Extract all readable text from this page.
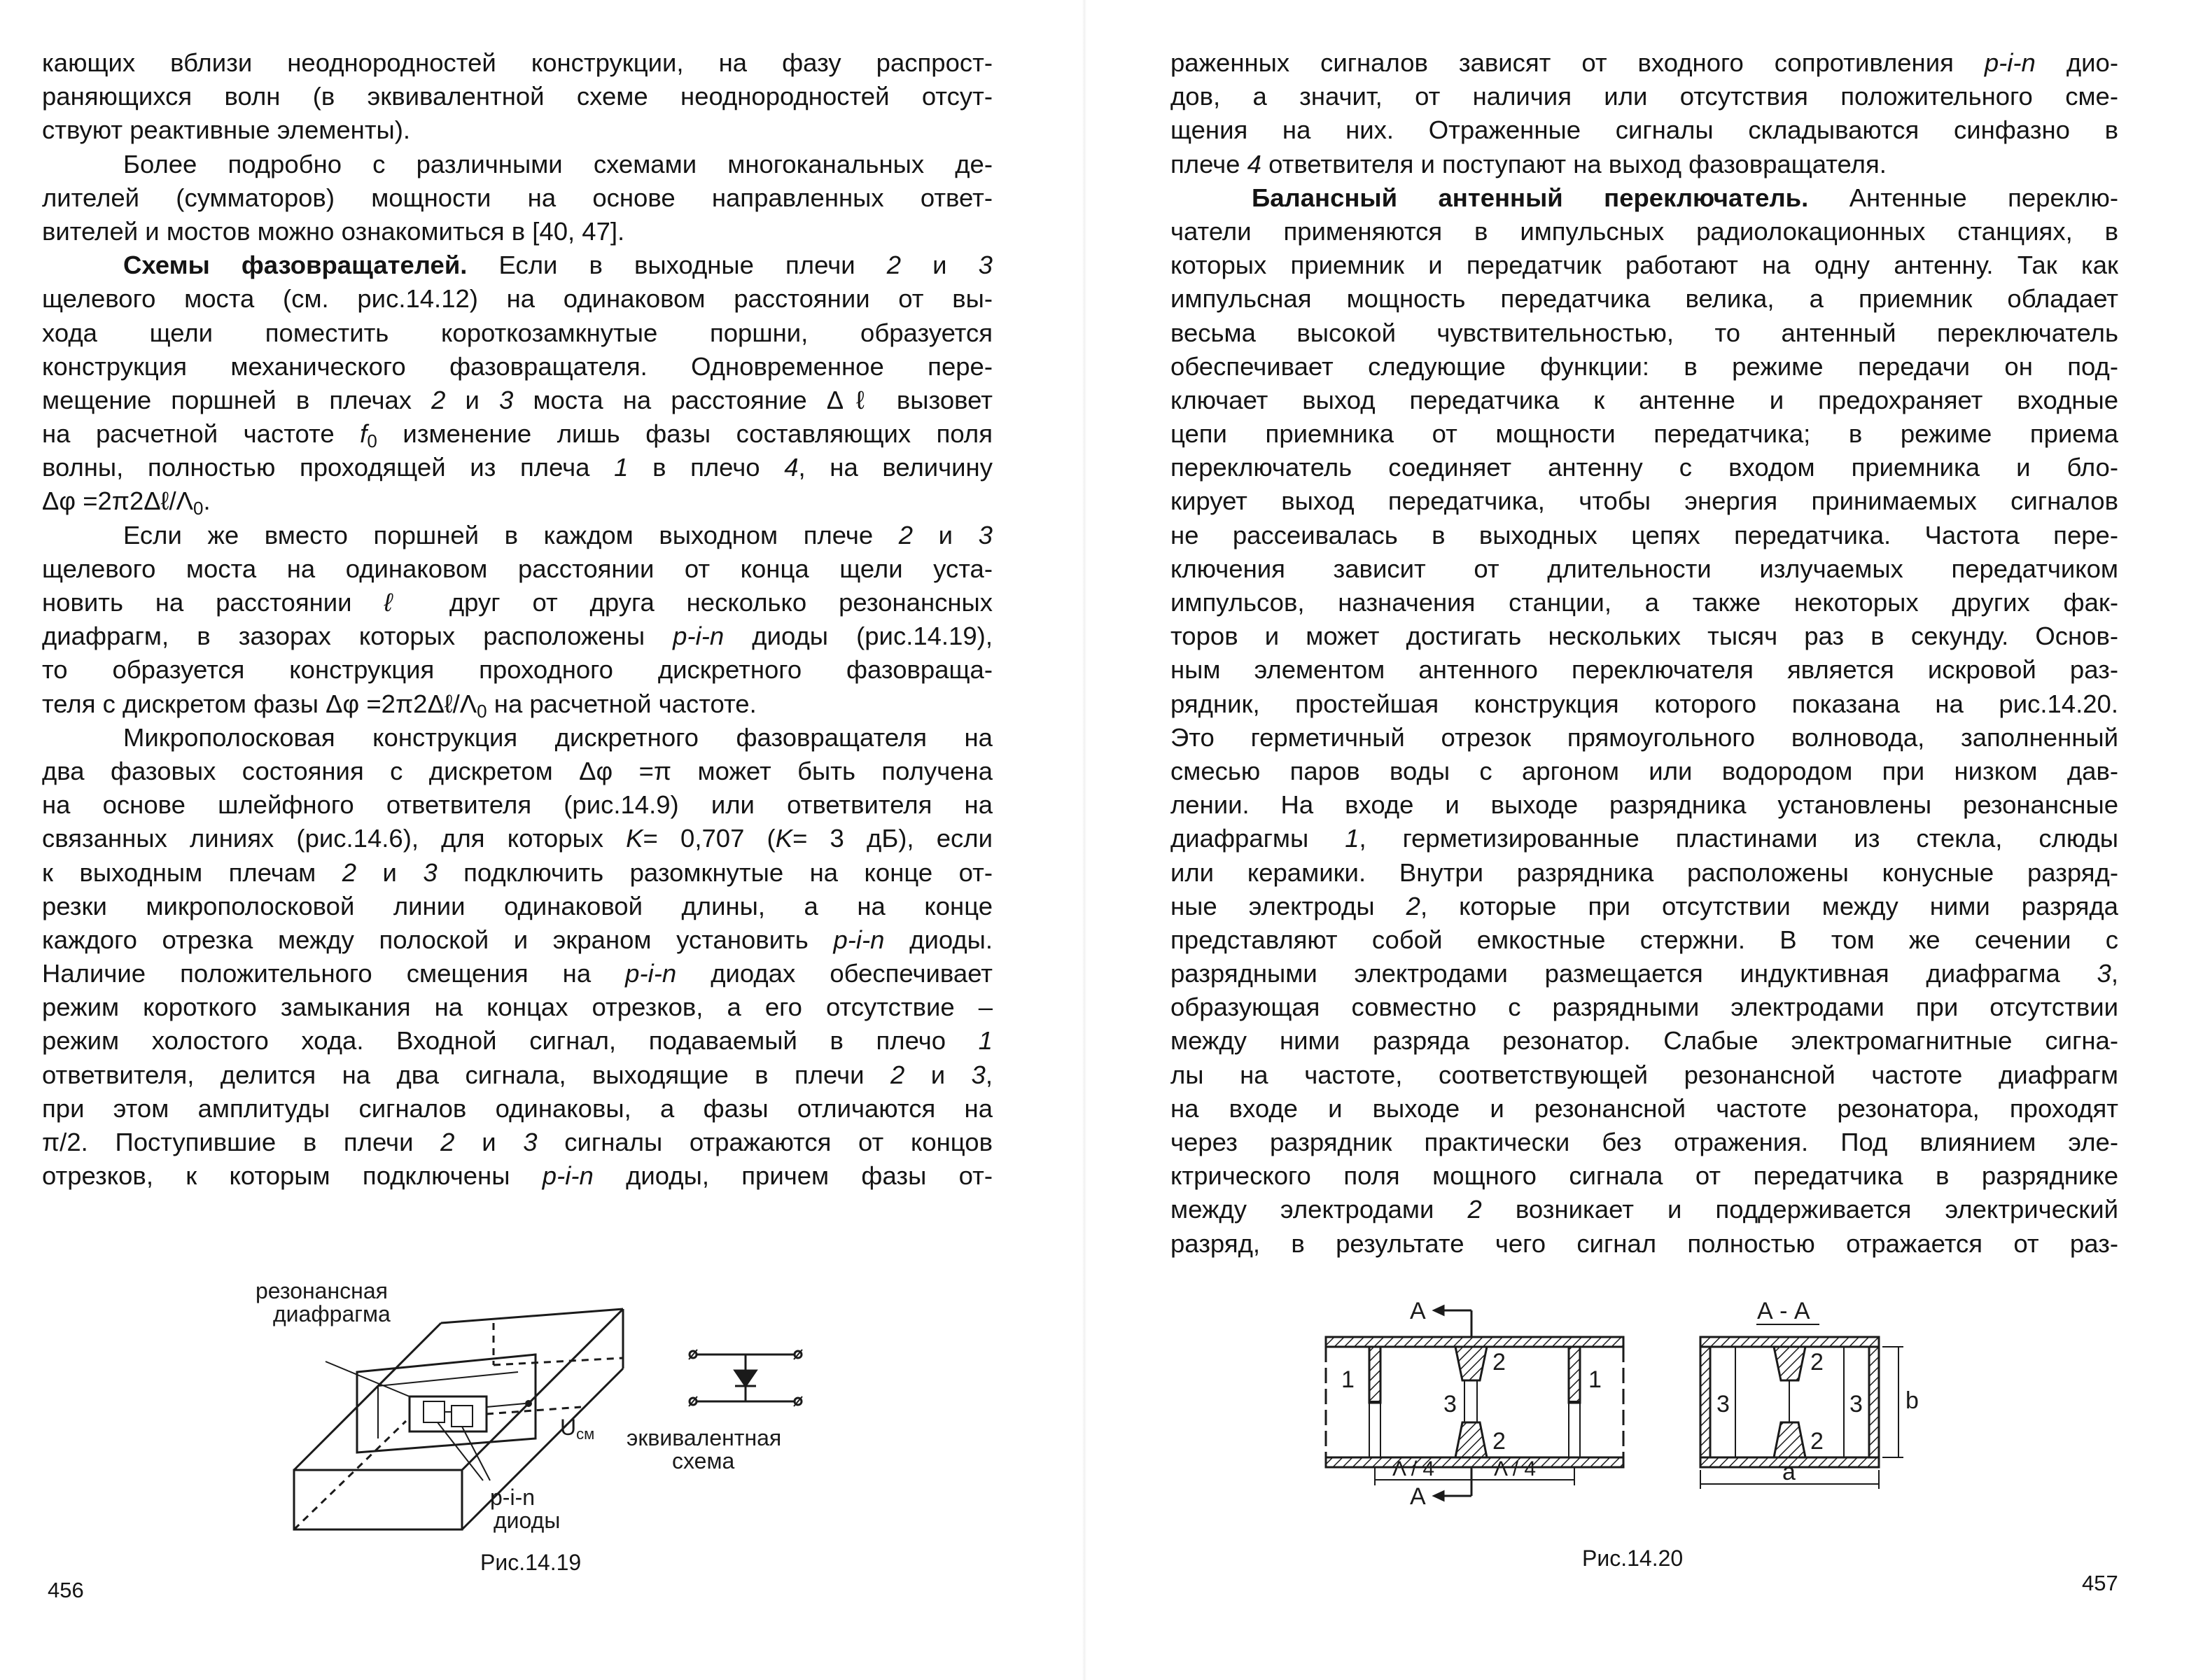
кающих вблизи неоднородностей конструкции, на фазу распрост-
раняющихся волн (в эквивалентной схеме неоднородностей отсут-
ствуют реактивные элементы).
Более подробно с различными схемами многоканальных де-
лителей (сумматоров) мощности на основе направленных ответ-
вителей и мостов можно ознакомиться в [40, 47].
Схемы фазовращателей. Если в выходные плечи 2 и 3
щелевого моста (см. рис.14.12) на одинаковом расстоянии от вы-
хода щели поместить короткозамкнутые поршни, образуется
конструкция механического фазовращателя. Одновременное пере-
мещение поршней в плечах 2 и 3 моста на расстояние Δℓ вызовет
на расчетной частоте $f_0$ изменение лишь фазы составляющих поля
волны, полностью проходящей из плеча 1 в плечо 4, на величину
$\Delta\varphi =2\pi 2\Delta\ell/\Lambda_0$.
Если же вместо поршней в каждом выходном плече 2 и 3
щелевого моста на одинаковом расстоянии от конца щели уста-
новить на расстоянии ℓ друг от друга несколько резонансных
диафрагм, в зазорах которых расположены p-i-n диоды (рис.14.19),
то образуется конструкция проходного дискретного фазовраща-
теля с дискретом фазы $\Delta\varphi =2\pi 2\Delta\ell/\Lambda_0$ на расчетной частоте.
Микрополосковая конструкция дискретного фазовращателя на
два фазовых состояния с дискретом Δφ =π может быть получена
на основе шлейфного ответвителя (рис.14.9) или ответвителя на
связанных линиях (рис.14.6), для которых K= 0,707 (K= 3 дБ), если
к выходным плечам 2 и 3 подключить разомкнутые на конце от-
резки микрополосковой линии одинаковой длины, а на конце
каждого отрезка между полоской и экраном установить p-i-n диоды.
Наличие положительного смещения на p-i-n диодах обеспечивает
режим короткого замыкания на концах отрезков, а его отсутствие –
режим холостого хода. Входной сигнал, подаваемый в плечо 1
ответвителя, делится на два сигнала, выходящие в плечи 2 и 3,
при этом амплитуды сигналов одинаковы, а фазы отличаются на
π/2. Поступившие в плечи 2 и 3 сигналы отражаются от концов
отрезков, к которым подключены p-i-n диоды, причем фазы от-
резонансная
диафрагма
Uсм
p-i-n
диоды
эквивалентная
схема
Рис.14.19
456
раженных сигналов зависят от входного сопротивления p-i-n дио-
дов, а значит, от наличия или отсутствия положительного сме-
щения на них. Отраженные сигналы складываются синфазно в
плече 4 ответвителя и поступают на выход фазовращателя.
Балансный антенный переключатель. Антенные переклю-
чатели применяются в импульсных радиолокационных станциях, в
которых приемник и передатчик работают на одну антенну. Так как
импульсная мощность передатчика велика, а приемник обладает
весьма высокой чувствительностью, то антенный переключатель
обеспечивает следующие функции: в режиме передачи он под-
ключает выход передатчика к антенне и предохраняет входные
цепи приемника от мощности передатчика; в режиме приема
переключатель соединяет антенну с входом приемника и бло-
кирует выход передатчика, чтобы энергия принимаемых сигналов
не рассеивалась в выходных цепях передатчика. Частота пере-
ключения зависит от длительности излучаемых передатчиком
импульсов, назначения станции, а также некоторых других фак-
торов и может достигать нескольких тысяч раз в секунду. Основ-
ным элементом антенного переключателя является искровой раз-
рядник, простейшая конструкция которого показана на рис.14.20.
Это герметичный отрезок прямоугольного волновода, заполненный
смесью паров воды с аргоном или водородом при низком дав-
лении. На входе и выходе разрядника установлены резонансные
диафрагмы 1, герметизированные пластинами из стекла, слюды
или керамики. Внутри разрядника расположены конусные разряд-
ные электроды 2, которые при отсутствии между ними разряда
представляют собой емкостные стержни. В том же сечении с
разрядными электродами размещается индуктивная диафрагма 3,
образующая совместно с разрядными электродами при отсутствии
между ними разряда резонатор. Слабые электромагнитные сигна-
лы на частоте, соответствующей резонансной частоте диафрагм
на входе и выходе и резонансной частоте резонатора, проходят
через разрядник практически без отражения. Под влиянием эле-
ктрического поля мощного сигнала от передатчика в разряднике
между электродами 2 возникает и поддерживается электрический
разряд, в результате чего сигнал полностью отражается от раз-
А
А
1	1
2
2
3
Λ / 4	Λ / 4
А - А
3	3
2
2
b
a
Рис.14.20
457
